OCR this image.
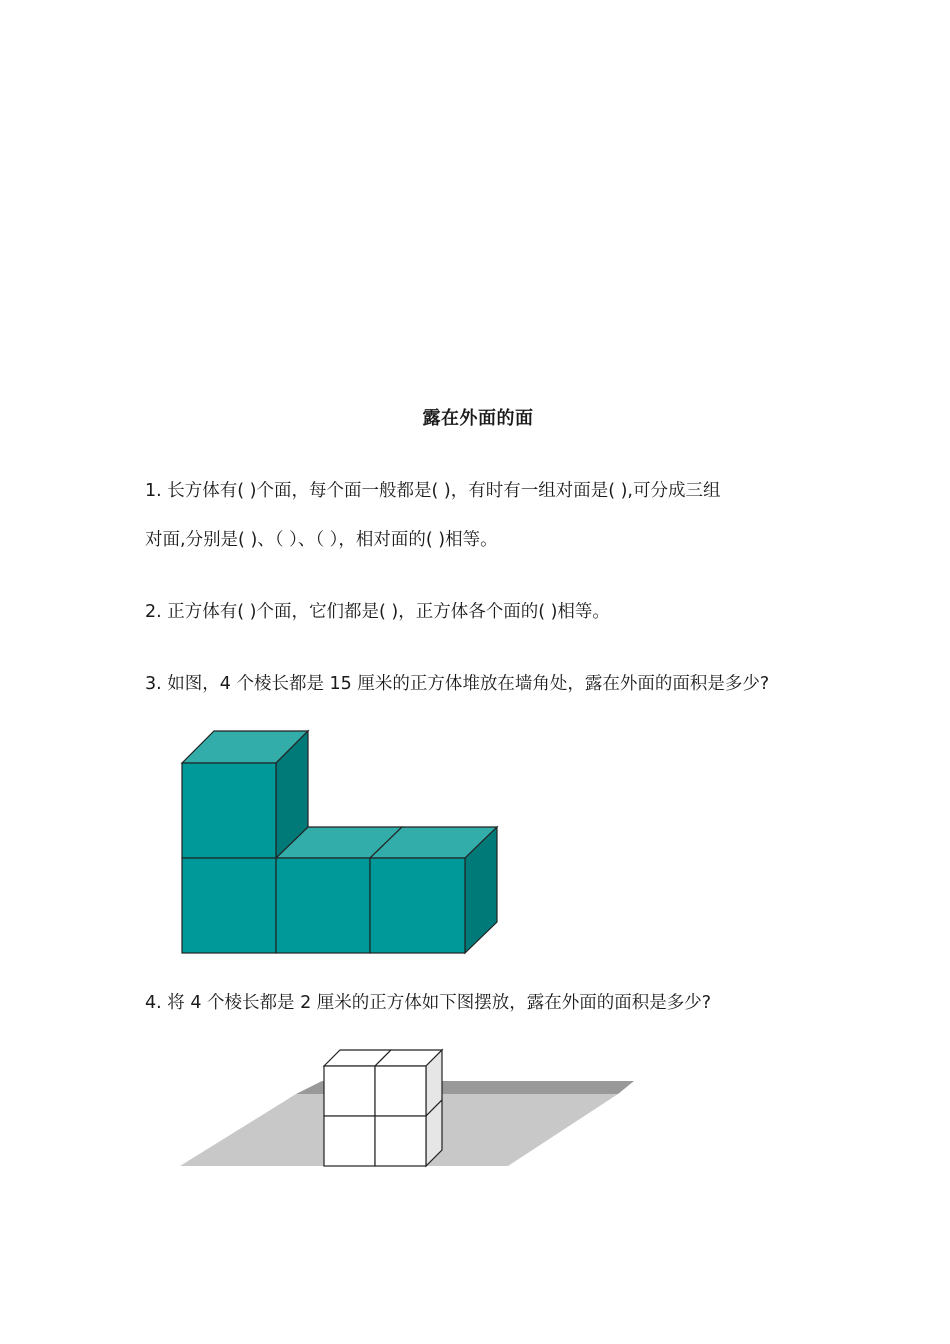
露在外面的面
1. 长方体有( )个面，每个面一般都是( )，有时有一组对面是( ),可分成三组
对面,分别是( )、（ ）、（ ），相对面的( )相等。
2. 正方体有( )个面，它们都是( )，正方体各个面的( )相等。
3. 如图，4 个棱长都是 15 厘米的正方体堆放在墙角处，露在外面的面积是多少?
4. 将 4 个棱长都是 2 厘米的正方体如下图摆放，露在外面的面积是多少?
